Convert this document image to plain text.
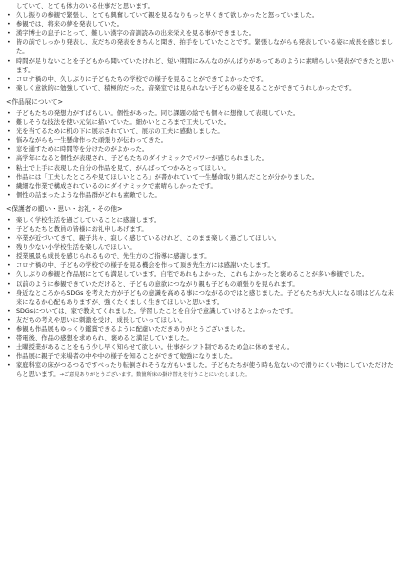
していて、とても体力のいる仕事だと思います。
• 久し振りの参観で緊張し、とても興奮していて親を見るなりもっと早くきて欲しかったと怒っていました。
• 参観では、将来の夢を発表していた。
• 漢字博士の息子にとって、難しい漢字の音訓読みの出来栄えを見る事ができました。
• 皆の前でしっかり発表し、友だちの発表をきちんと聞き、拍手をしていたことです。緊張しながらも発表している姿に成長を感じました。
• 時間が足りないことを子どもから聞いていたけれど、短い期間にみんなのがんばりがあってあのように素晴らしい発表ができたと思います。
• コロナ禍の中、久しぶりに子どもたちの学校での様子を見ることができてよかったです。
• 楽しく意欲的に勉強していて、積極的だった。音楽室では見られない子どもの姿を見ることができてうれしかったです。
<作品展について>
• 子どもたちの発想力がすばらしい。個性があった。同じ課題の絵でも個々に想像して表現していた。
• 難しそうな技法を使い元気に描いていた。細かいところまで工夫していた。
• 光を当てるために机の下に展示されていて、展示の工夫に感動しました。
• 悩みながらも一生懸命作った頑張りが伝わってきた。
• 窓を通すために時間等を分けたのがよかった。
• 高学年になると個性が表現され、子どもたちのダイナミックでパワーが感じられました。
• 粘土で上手に表現した自分の作品を見て、がんばってつかみとってほしい。
• 作品には「工夫したところや見てほしいところ」が書かれていて一生懸命取り組んだことが分かりました。
• 繊細な作業で構成されているのにダイナミックで素晴らしかったです。
• 個性の詰まったような作品群がどれも素敵でした。
<保護者の願い・思い・お礼・その他>
• 楽しく学校生活を過ごしていることに感謝します。
• 子どもたちと教員の皆様にお礼申しあげます。
• 卒業が近づいてきて、親子共々、寂しく感じているけれど、このまま楽しく過ごしてほしい。
• 残り少ない小学校生活を楽しんでほしい。
• 授業風景も成長を感じられるもので、先生方のご指導に感謝します。
• コロナ禍の中、子どもの学校での様子を見る機会を作って頂き先生方には感謝いたします。
• 久しぶりの参観と作品展にとても満足しています。自宅であれもよかった、これもよかったと褒めることが多い参観でした。
• 以前のように参観できていただけると、子どもの意欲につながり親も子どもの頑張りを見られます。
• 身近なところからSDGs を考えた方が子どもの意識を高める事につながるのではと感じました。子どもたちが大人になる頃はどんな未来になるか心配もありますが、強くたくましく生きてほしいと思います。
• SDGsについては、家で教えてくれました。学習したことを自分で意識していけるとよかったです。
• 友だちの考えや思いに刺激を受け、成長していってほしい。
• 参観も作品展もゆっくり鑑賞できるように配慮いただきありがとうございました。
• 帯電後、作品の感想を求められ、褒めると満足していました。
• 土曜授業があることをもう少し早く知らせて欲しい。仕事がシフト制であるため急に休めません。
• 作品展に親子で来場者の中や中の様子を知ることができて勉強になりました。
• 家庭科室の床がつるつるですべったり転倒されそうな方もいました。子どもたちが使う時も危ないので滑りにくい物にしていただけたらと思います。→ご意見ありがとうございます。数箇所床の掛け替えを行うことにいたしました。
